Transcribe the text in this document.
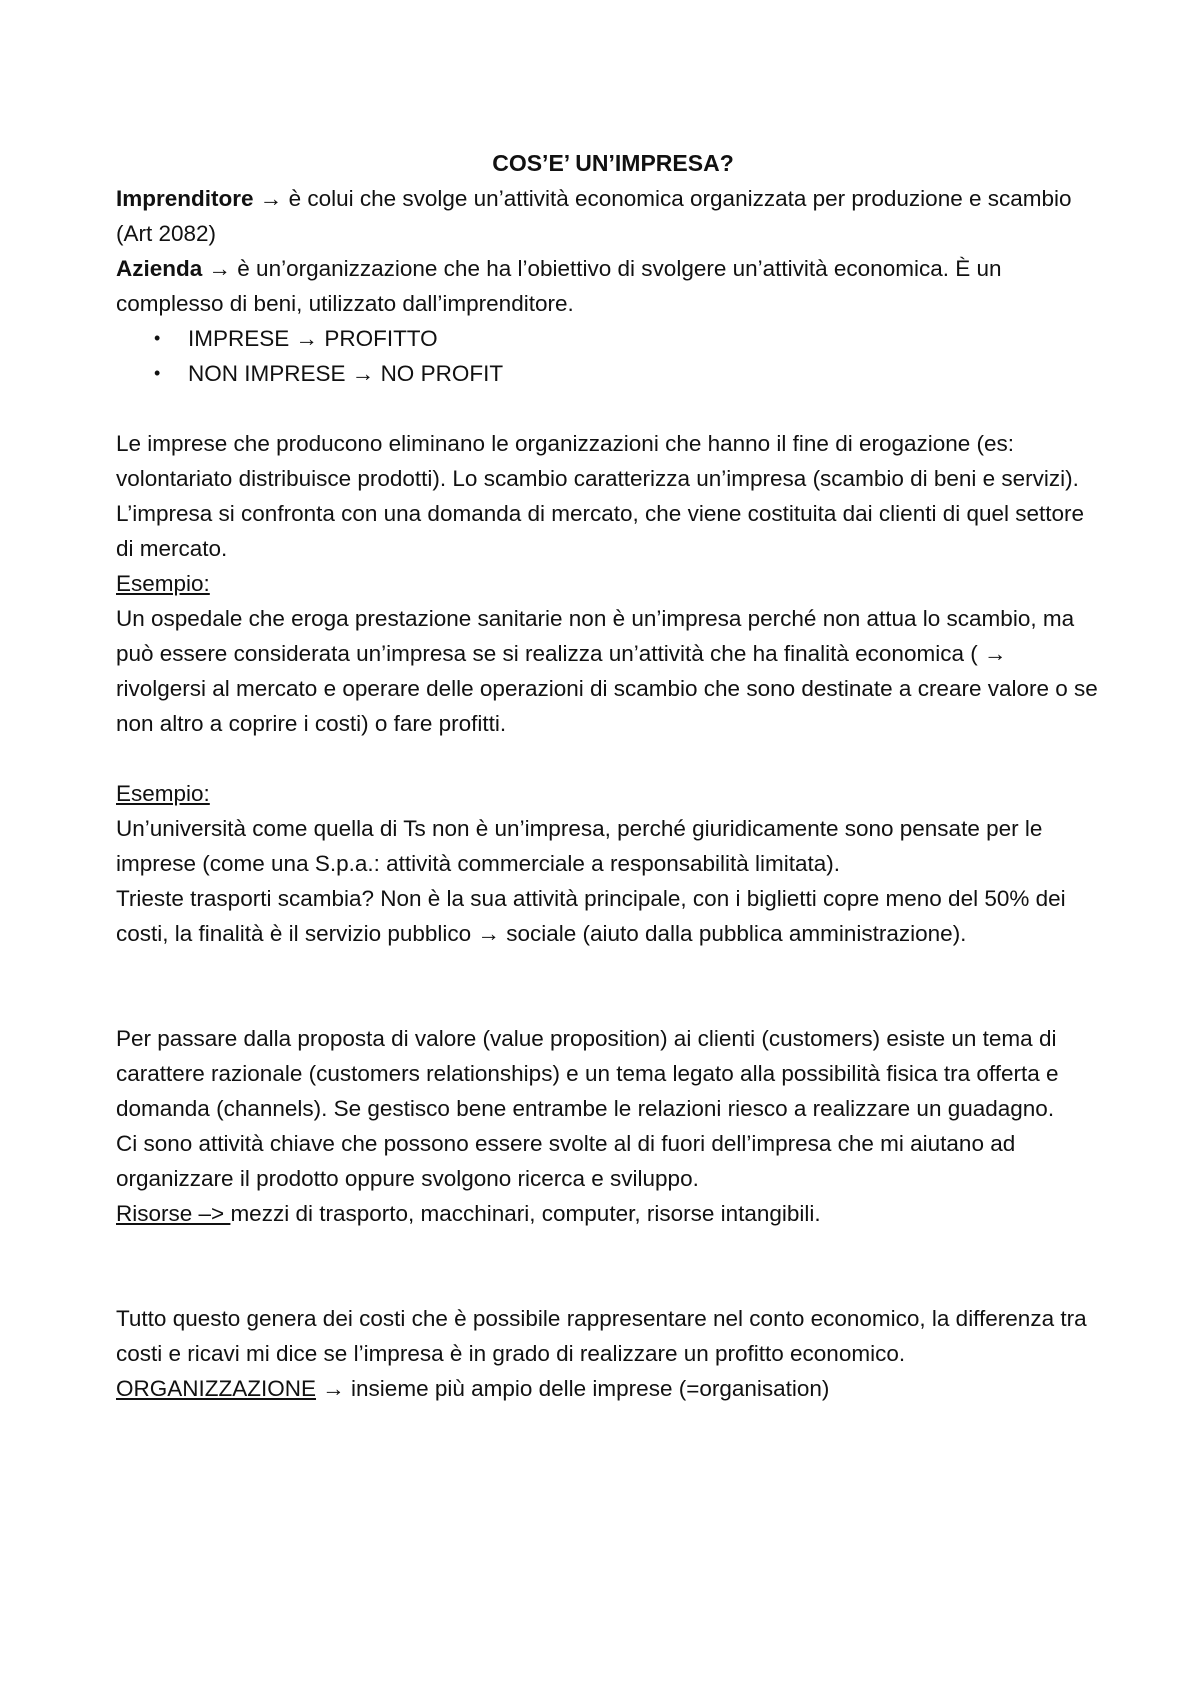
COS’E’ UN’IMPRESA?

Imprenditore → è colui che svolge un’attività economica organizzata per produzione e scambio (Art 2082)

Azienda → è un’organizzazione che ha l’obiettivo di svolgere un’attività economica. È un complesso di beni, utilizzato dall’imprenditore.

• IMPRESE → PROFITTO
• NON IMPRESE → NO PROFIT

Le imprese che producono eliminano le organizzazioni che hanno il fine di erogazione (es: volontariato distribuisce prodotti). Lo scambio caratterizza un’impresa (scambio di beni e servizi).

L’impresa si confronta con una domanda di mercato, che viene costituita dai clienti di quel settore di mercato.

Esempio:

Un ospedale che eroga prestazione sanitarie non è un’impresa perché non attua lo scambio, ma può essere considerata un’impresa se si realizza un’attività che ha finalità economica ( → rivolgersi al mercato e operare delle operazioni di scambio che sono destinate a creare valore o se non altro a coprire i costi) o fare profitti.

Esempio:

Un’università come quella di Ts non è un’impresa, perché giuridicamente sono pensate per le imprese (come una S.p.a.: attività commerciale a responsabilità limitata).

Trieste trasporti scambia? Non è la sua attività principale, con i biglietti copre meno del 50% dei costi, la finalità è il servizio pubblico → sociale (aiuto dalla pubblica amministrazione).

Per passare dalla proposta di valore (value proposition) ai clienti (customers) esiste un tema di carattere razionale (customers relationships) e un tema legato alla possibilità fisica tra offerta e domanda (channels). Se gestisco bene entrambe le relazioni riesco a realizzare un guadagno.

Ci sono attività chiave che possono essere svolte al di fuori dell’impresa che mi aiutano ad organizzare il prodotto oppure svolgono ricerca e sviluppo.

Risorse –> mezzi di trasporto, macchinari, computer, risorse intangibili.

Tutto questo genera dei costi che è possibile rappresentare nel conto economico, la differenza tra costi e ricavi mi dice se l’impresa è in grado di realizzare un profitto economico.

ORGANIZZAZIONE → insieme più ampio delle imprese (=organisation)
